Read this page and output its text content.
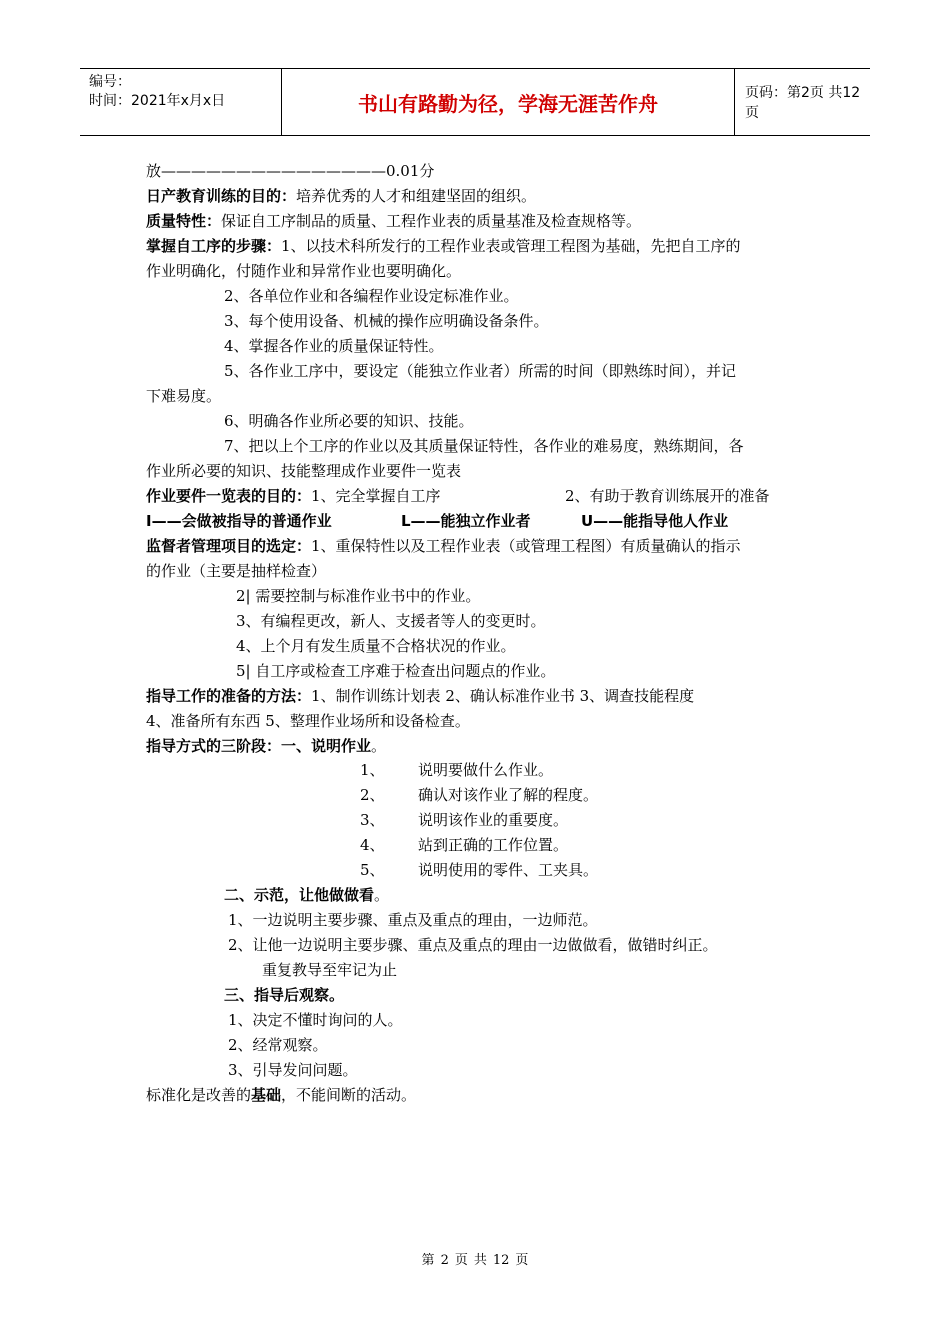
编号：
时间：2021年x月x日	书山有路勤为径，学海无涯苦作舟	页码：第2页 共12页
放———————————————0.01分
日产教育训练的目的：培养优秀的人才和组建坚固的组织。
质量特性：保证自工序制品的质量、工程作业表的质量基准及检查规格等。
掌握自工序的步骤：1、以技术科所发行的工程作业表或管理工程图为基础，先把自工序的
作业明确化，付随作业和异常作业也要明确化。
2、各单位作业和各编程作业设定标准作业。
3、每个使用设备、机械的操作应明确设备条件。
4、掌握各作业的质量保证特性。
5、各作业工序中，要设定（能独立作业者）所需的时间（即熟练时间），并记
下难易度。
6、明确各作业所必要的知识、技能。
7、把以上个工序的作业以及其质量保证特性，各作业的难易度，熟练期间，各
作业所必要的知识、技能整理成作业要件一览表
作业要件一览表的目的：1、完全掌握自工序	2、有助于教育训练展开的准备
I——会做被指导的普通作业	L——能独立作业者	U——能指导他人作业
监督者管理项目的选定：1、重保特性以及工程作业表（或管理工程图）有质量确认的指示
的作业（主要是抽样检查）
2| 需要控制与标准作业书中的作业。
3、有编程更改，新人、支援者等人的变更时。
4、上个月有发生质量不合格状况的作业。
5| 自工序或检查工序难于检查出问题点的作业。
指导工作的准备的方法：1、制作训练计划表 2、确认标准作业书 3、调查技能程度
4、准备所有东西 5、整理作业场所和设备检查。
指导方式的三阶段：一、说明作业。
1、 说明要做什么作业。
2、 确认对该作业了解的程度。
3、 说明该作业的重要度。
4、 站到正确的工作位置。
5、 说明使用的零件、工夹具。
二、示范，让他做做看。
1、一边说明主要步骤、重点及重点的理由，一边师范。
2、让他一边说明主要步骤、重点及重点的理由一边做做看，做错时纠正。
重复教导至牢记为止
三、指导后观察。
1、决定不懂时询问的人。
2、经常观察。
3、引导发问问题。
标准化是改善的基础，不能间断的活动。
第 2 页 共 12 页
